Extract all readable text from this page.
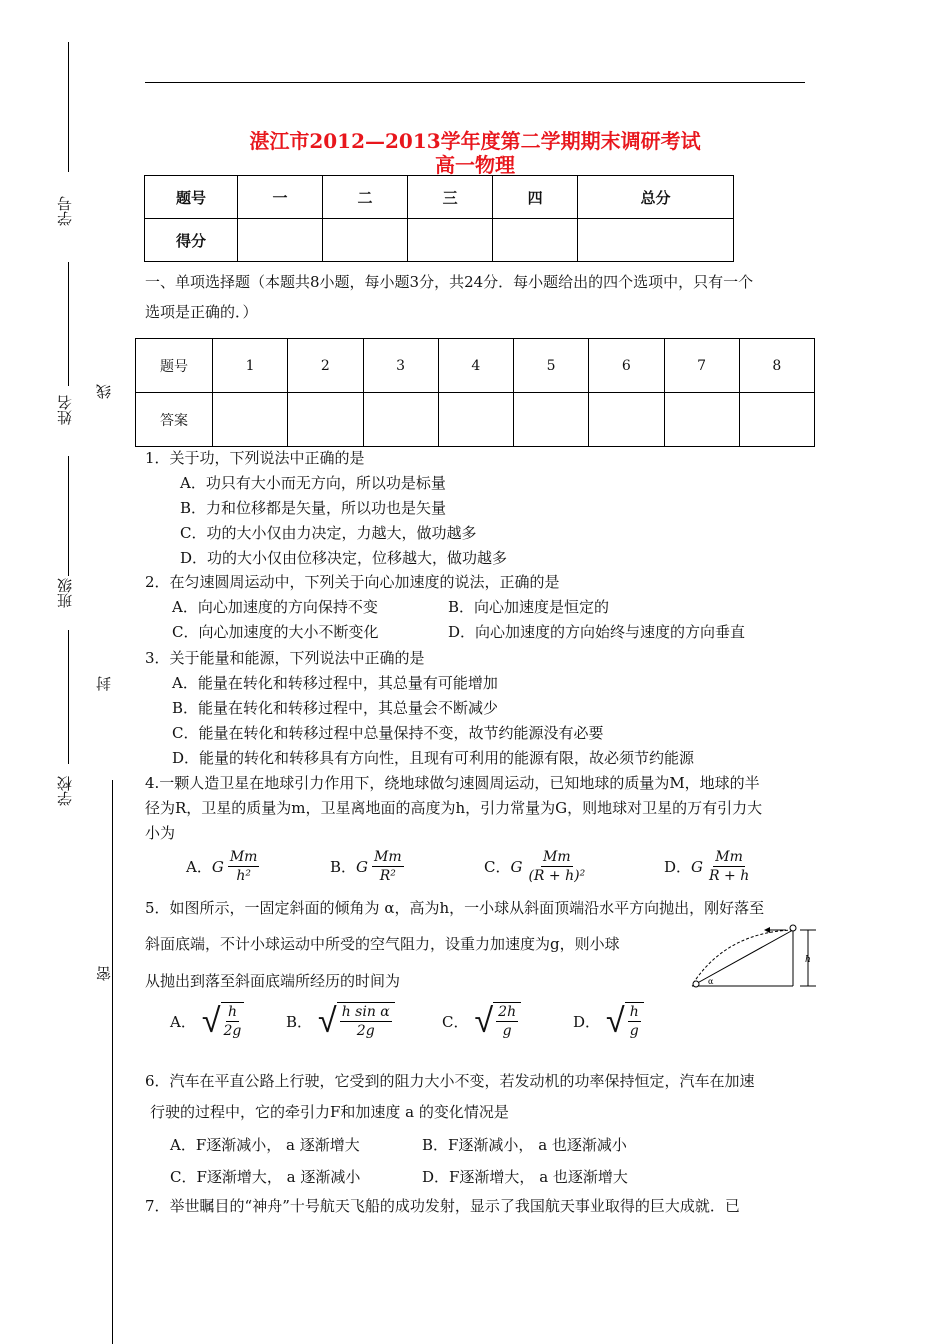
学号
姓名
线
班级
封
学校
密
湛江市2012—2013学年度第二学期期末调研考试
高一物理
题号	一	二	三	四	总分
得分					
一、单项选择题（本题共8小题，每小题3分，共24分．每小题给出的四个选项中，只有一个
选项是正确的．）
题号	1	2	3	4	5	6	7	8
答案								
1．关于功，下列说法中正确的是
A．功只有大小而无方向，所以功是标量
B．力和位移都是矢量，所以功也是矢量
C．功的大小仅由力决定，力越大，做功越多
D．功的大小仅由位移决定，位移越大，做功越多
2．在匀速圆周运动中，下列关于向心加速度的说法，正确的是
A．向心加速度的方向保持不变	B．向心加速度是恒定的
C．向心加速度的大小不断变化	D．向心加速度的方向始终与速度的方向垂直
3．关于能量和能源，下列说法中正确的是
A．能量在转化和转移过程中，其总量有可能增加
B．能量在转化和转移过程中，其总量会不断减少
C．能量在转化和转移过程中总量保持不变，故节约能源没有必要
D．能量的转化和转移具有方向性，且现有可利用的能源有限，故必须节约能源
4.一颗人造卫星在地球引力作用下，绕地球做匀速圆周运动，已知地球的质量为M，地球的半
径为R，卫星的质量为m，卫星离地面的高度为h，引力常量为G，则地球对卫星的万有引力大
小为
A． G $\frac{Mm}{\text{h²}}$	B． G $\frac{Mm}{\text{R²}}$	C． G $\frac{Mm}{\text{(R + h)²}}$	D． G $\frac{Mm}{R + h}$
5．如图所示，一固定斜面的倾角为 α，高为h，一小球从斜面顶端沿水平方向抛出，刚好落至
斜面底端，不计小球运动中所受的空气阻力，设重力加速度为g，则小球
从抛出到落至斜面底端所经历的时间为
h
α
A． √ $\frac{h}{2g}$	B． √ $\frac{\text{h sin α}}{2g}$	C． √ $\frac{2h}{g}$	D． √ $\frac{h}{g}$
6．汽车在平直公路上行驶，它受到的阻力大小不变，若发动机的功率保持恒定，汽车在加速
行驶的过程中，它的牵引力F和加速度 a 的变化情况是
A．F逐渐减小， a 逐渐增大	B．F逐渐减小， a 也逐渐减小
C．F逐渐增大， a 逐渐减小	D．F逐渐增大， a 也逐渐增大
7．举世瞩目的“神舟”十号航天飞船的成功发射，显示了我国航天事业取得的巨大成就．已
